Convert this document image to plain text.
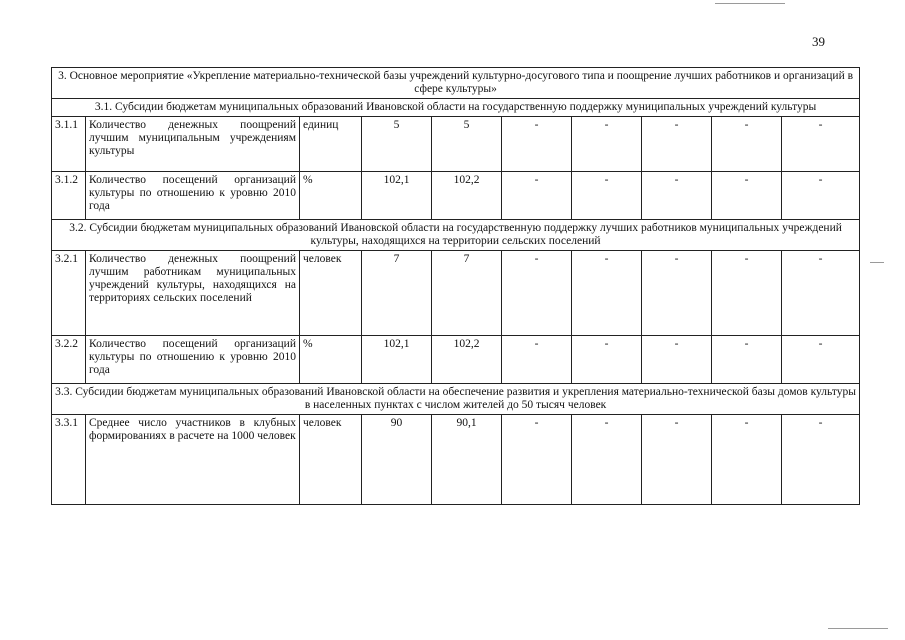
39
3. Основное мероприятие «Укрепление материально-технической базы учреждений культурно-досугового типа и поощрение лучших работников и организаций в сфере культуры»									
3.1. Субсидии бюджетам муниципальных образований Ивановской области на государственную поддержку муниципальных учреждений культуры									
3.1.1	Количество денежных поощрений лучшим муниципальным учреждениям культуры	единиц	5	5	-	-	-	-	-
3.1.2	Количество посещений организаций культуры по отношению к уровню 2010 года	%	102,1	102,2	-	-	-	-	-
3.2. Субсидии бюджетам муниципальных образований Ивановской области на государственную поддержку лучших работников муниципальных учреждений культуры, находящихся на территории сельских поселений									
3.2.1	Количество денежных поощрений лучшим работникам муниципальных учреждений культуры, находящихся на территориях сельских поселений	человек	7	7	-	-	-	-	-
3.2.2	Количество посещений организаций культуры по отношению к уровню 2010 года	%	102,1	102,2	-	-	-	-	-
3.3. Субсидии бюджетам муниципальных образований Ивановской области на обеспечение развития и укрепления материально-технической базы домов культуры в населенных пунктах с числом жителей до 50 тысяч человек									
3.3.1	Среднее число участников в клубных формированиях в расчете на 1000 человек	человек	90	90,1	-	-	-	-	-
